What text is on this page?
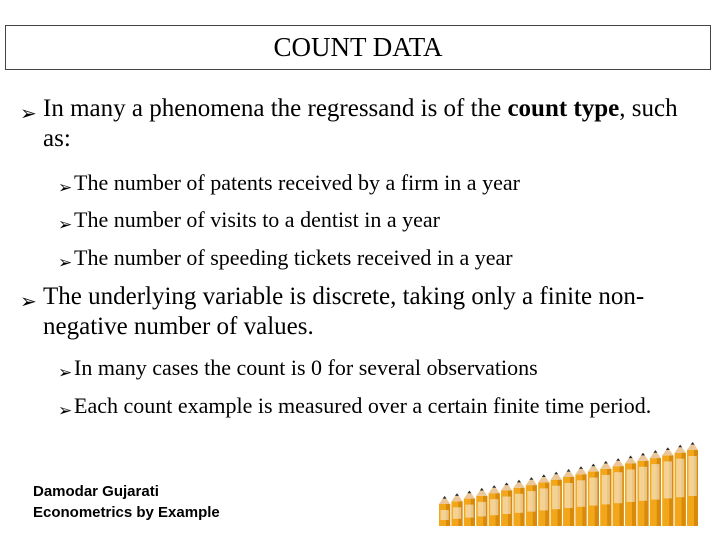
COUNT DATA
➢ In many a phenomena the regressand is of the count type, such as:
➢ The number of patents received by a firm in a year
➢ The number of visits to a dentist in a year
➢ The number of speeding tickets received in a year
➢ The underlying variable is discrete, taking only a finite non-negative number of values.
➢ In many cases the count is 0 for several observations
➢ Each count example is measured over a certain finite time period.
Damodar Gujarati
Econometrics by Example
